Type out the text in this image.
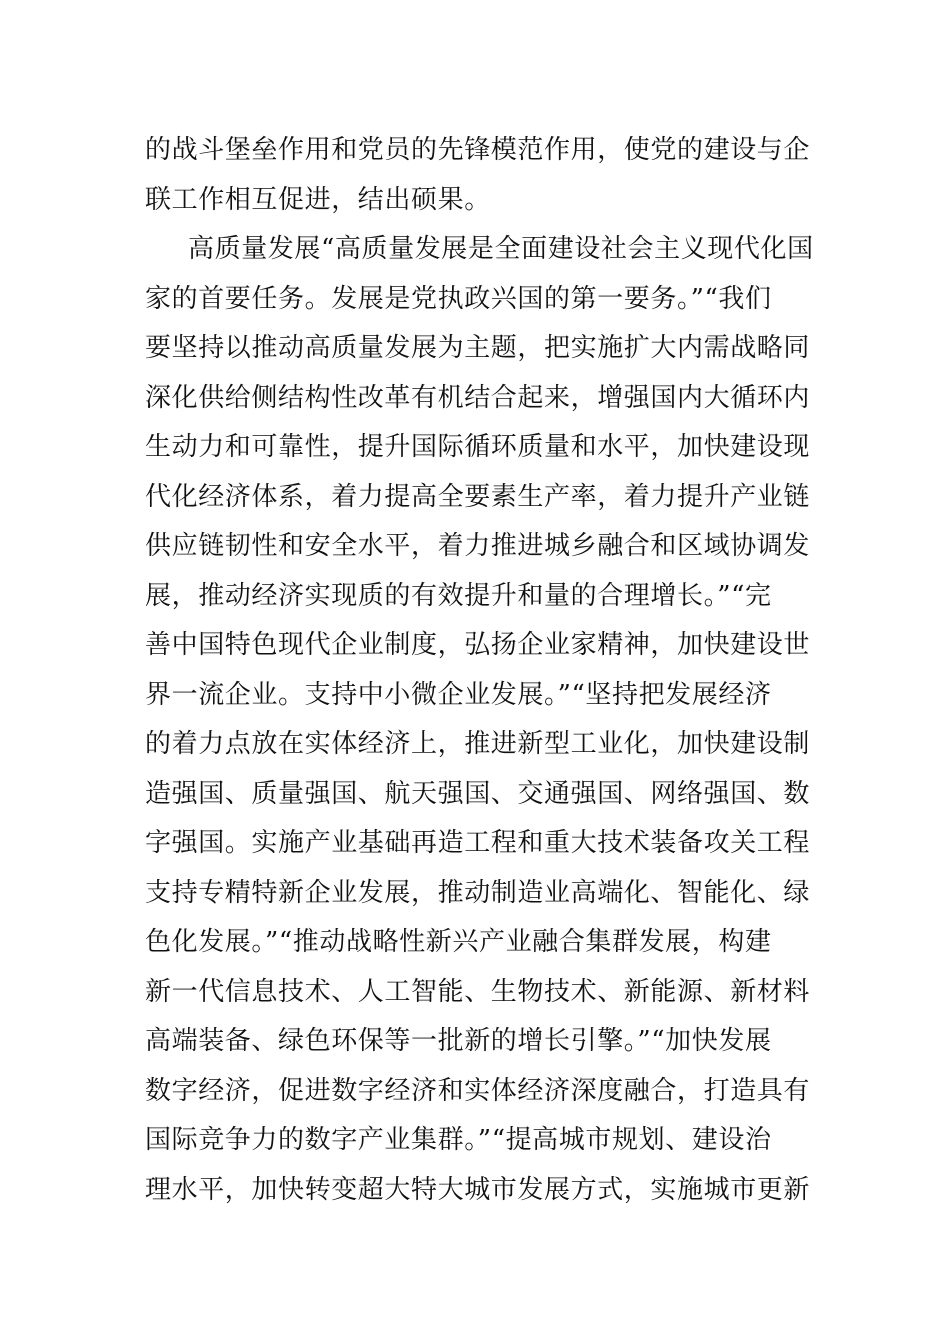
的战斗堡垒作用和党员的先锋模范作用，使党的建设与企
联工作相互促进，结出硕果。
高质量发展“高质量发展是全面建设社会主义现代化国
家的首要任务。发展是党执政兴国的第一要务。”“我们
要坚持以推动高质量发展为主题，把实施扩大内需战略同
深化供给侧结构性改革有机结合起来，增强国内大循环内
生动力和可靠性，提升国际循环质量和水平，加快建设现
代化经济体系，着力提高全要素生产率，着力提升产业链
供应链韧性和安全水平，着力推进城乡融合和区域协调发
展，推动经济实现质的有效提升和量的合理增长。”“完
善中国特色现代企业制度，弘扬企业家精神，加快建设世
界一流企业。支持中小微企业发展。”“坚持把发展经济
的着力点放在实体经济上，推进新型工业化，加快建设制
造强国、质量强国、航天强国、交通强国、网络强国、数
字强国。实施产业基础再造工程和重大技术装备攻关工程
支持专精特新企业发展，推动制造业高端化、智能化、绿
色化发展。”“推动战略性新兴产业融合集群发展，构建
新一代信息技术、人工智能、生物技术、新能源、新材料
高端装备、绿色环保等一批新的增长引擎。”“加快发展
数字经济，促进数字经济和实体经济深度融合，打造具有
国际竞争力的数字产业集群。”“提高城市规划、建设治
理水平，加快转变超大特大城市发展方式，实施城市更新
